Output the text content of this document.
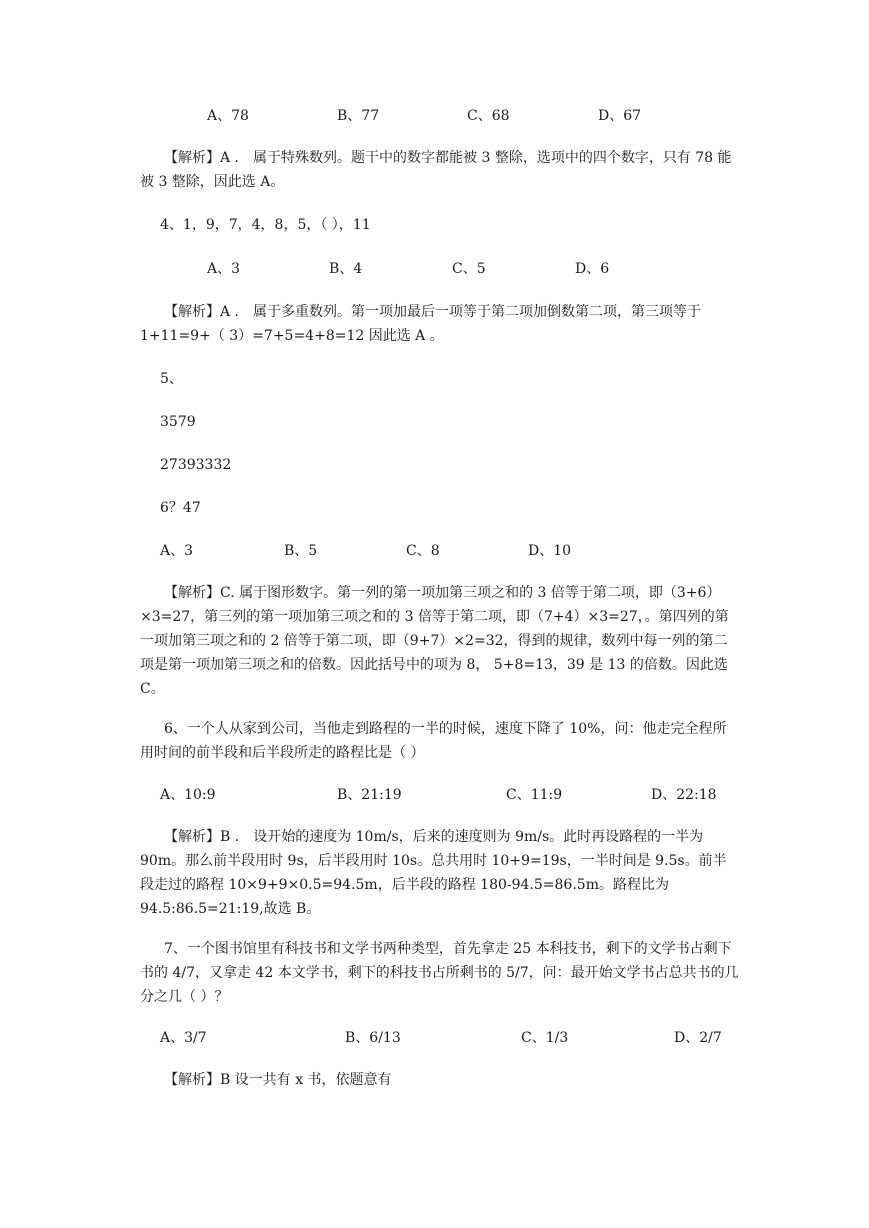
A、78	B、77	C、68	D、67
【解析】A ． 属于特殊数列。题干中的数字都能被 3 整除，选项中的四个数字，只有 78 能被 3 整除，因此选 A。
4、1，9，7，4，8，5，（ ），11
A、3	B、4	C、5	D、6
【解析】A ． 属于多重数列。第一项加最后一项等于第二项加倒数第二项，第三项等于 1+11=9+（ 3）=7+5=4+8=12 因此选 A 。
5、
3579
27393332
6？47
A、3	B、5	C、8	D、10
【解析】C. 属于图形数字。第一列的第一项加第三项之和的 3 倍等于第二项，即（3+6）×3=27，第三列的第一项加第三项之和的 3 倍等于第二项，即（7+4）×3=27，。第四列的第一项加第三项之和的 2 倍等于第二项，即（9+7）×2=32，得到的规律，数列中每一列的第二项是第一项加第三项之和的倍数。因此括号中的项为 8， 5+8=13，39 是 13 的倍数。因此选 C。
6、一个人从家到公司，当他走到路程的一半的时候，速度下降了 10%，问：他走完全程所用时间的前半段和后半段所走的路程比是（ ）
A、10:9	B、21:19	C、11:9	D、22:18
【解析】B ． 设开始的速度为 10m/s，后来的速度则为 9m/s。此时再设路程的一半为 90m。那么前半段用时 9s，后半段用时 10s。总共用时 10+9=19s，一半时间是 9.5s。前半段走过的路程 10×9+9×0.5=94.5m，后半段的路程 180-94.5=86.5m。路程比为 94.5:86.5=21:19,故选 B。
7、一个图书馆里有科技书和文学书两种类型，首先拿走 25 本科技书，剩下的文学书占剩下书的 4/7，又拿走 42 本文学书，剩下的科技书占所剩书的 5/7，问：最开始文学书占总共书的几分之几（ ）？
A、3/7	B、6/13	C、1/3	D、2/7
【解析】B 设一共有 x 书，依题意有
